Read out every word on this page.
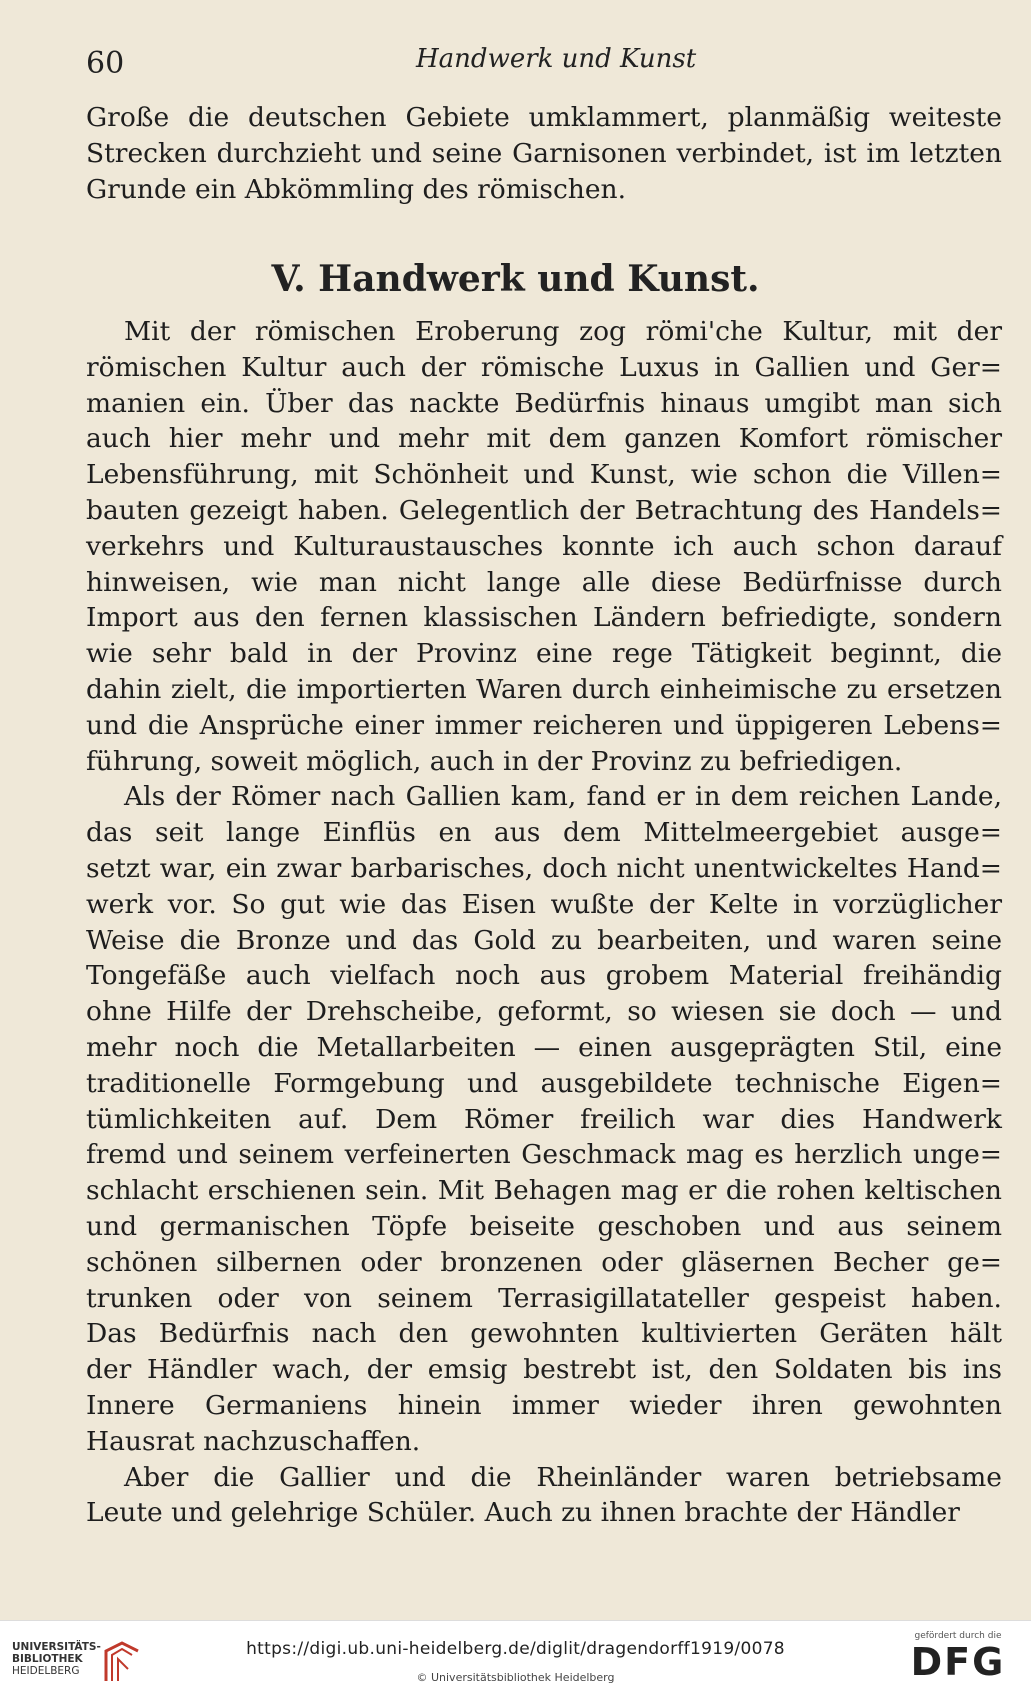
60	Handwerk und Kunst
Große die deutschen Gebiete umklammert, planmäßig weiteste
Strecken durchzieht und seine Garnisonen verbindet, ist im letzten
Grunde ein Abkömmling des römischen.
V. Handwerk und Kunst.
Mit der römischen Eroberung zog römi'che Kultur, mit der
römischen Kultur auch der römische Luxus in Gallien und Ger=
manien ein. Über das nackte Bedürfnis hinaus umgibt man sich
auch hier mehr und mehr mit dem ganzen Komfort römischer
Lebensführung, mit Schönheit und Kunst, wie schon die Villen=
bauten gezeigt haben. Gelegentlich der Betrachtung des Handels=
verkehrs und Kulturaustausches konnte ich auch schon darauf
hinweisen, wie man nicht lange alle diese Bedürfnisse durch
Import aus den fernen klassischen Ländern befriedigte, sondern
wie sehr bald in der Provinz eine rege Tätigkeit beginnt, die
dahin zielt, die importierten Waren durch einheimische zu ersetzen
und die Ansprüche einer immer reicheren und üppigeren Lebens=
führung, soweit möglich, auch in der Provinz zu befriedigen.
Als der Römer nach Gallien kam, fand er in dem reichen Lande,
das seit lange Einflüs en aus dem Mittelmeergebiet ausge=
setzt war, ein zwar barbarisches, doch nicht unentwickeltes Hand=
werk vor. So gut wie das Eisen wußte der Kelte in vorzüglicher
Weise die Bronze und das Gold zu bearbeiten, und waren seine
Tongefäße auch vielfach noch aus grobem Material freihändig
ohne Hilfe der Drehscheibe, geformt, so wiesen sie doch — und
mehr noch die Metallarbeiten — einen ausgeprägten Stil, eine
traditionelle Formgebung und ausgebildete technische Eigen=
tümlichkeiten auf. Dem Römer freilich war dies Handwerk
fremd und seinem verfeinerten Geschmack mag es herzlich unge=
schlacht erschienen sein. Mit Behagen mag er die rohen keltischen
und germanischen Töpfe beiseite geschoben und aus seinem
schönen silbernen oder bronzenen oder gläsernen Becher ge=
trunken oder von seinem Terrasigillatateller gespeist haben.
Das Bedürfnis nach den gewohnten kultivierten Geräten hält
der Händler wach, der emsig bestrebt ist, den Soldaten bis ins
Innere Germaniens hinein immer wieder ihren gewohnten
Hausrat nachzuschaffen.
Aber die Gallier und die Rheinländer waren betriebsame
Leute und gelehrige Schüler. Auch zu ihnen brachte der Händler
UNIVERSITÄTS-
BIBLIOTHEK
HEIDELBERG
https://digi.ub.uni-heidelberg.de/diglit/dragendorff1919/0078
© Universitätsbibliothek Heidelberg
gefördert durch die
DFG
